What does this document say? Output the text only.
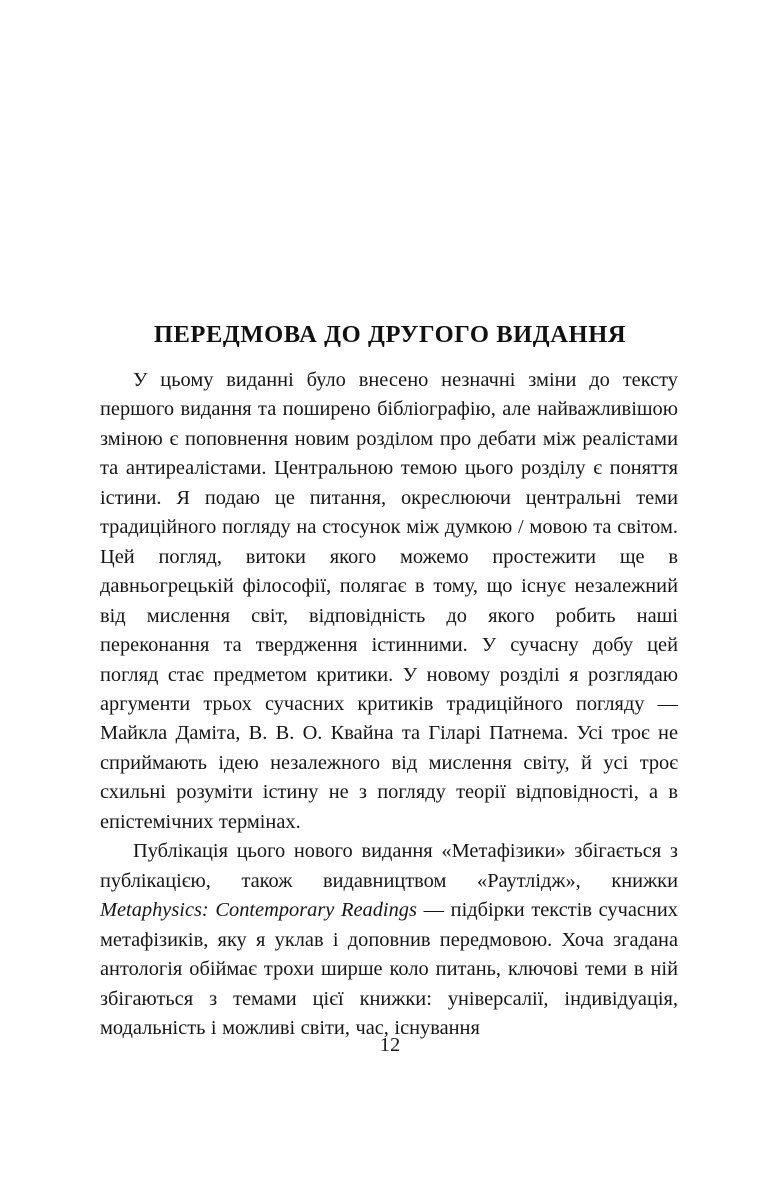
ПЕРЕДМОВА ДО ДРУГОГО ВИДАННЯ

У цьому виданні було внесено незначні зміни до тексту першого видання та поширено бібліографію, але найважливішою зміною є поповнення новим розділом про дебати між реалістами та антиреалістами. Центральною темою цього розділу є поняття істини. Я подаю це питання, окреслюючи центральні теми традиційного погляду на стосунок між думкою / мовою та світом. Цей погляд, витоки якого можемо простежити ще в давньогрецькій філософії, полягає в тому, що існує незалежний від мислення світ, відповідність до якого робить наші переконання та твердження істинними. У сучасну добу цей погляд стає предметом критики. У новому розділі я розглядаю аргументи трьох сучасних критиків традиційного погляду — Майкла Даміта, В. В. О. Квайна та Гіларі Патнема. Усі троє не сприймають ідею незалежного від мислення світу, й усі троє схильні розуміти істину не з погляду теорії відповідності, а в епістемічних термінах.

Публікація цього нового видання «Метафізики» збігається з публікацією, також видавництвом «Раутлідж», книжки Metaphysics: Contemporary Readings — підбірки текстів сучасних метафізиків, яку я уклав і доповнив передмовою. Хоча згадана антологія обіймає трохи ширше коло питань, ключові теми в ній збігаються з темами цієї книжки: універсалії, індивідуація, модальність і можливі світи, час, існування

12
